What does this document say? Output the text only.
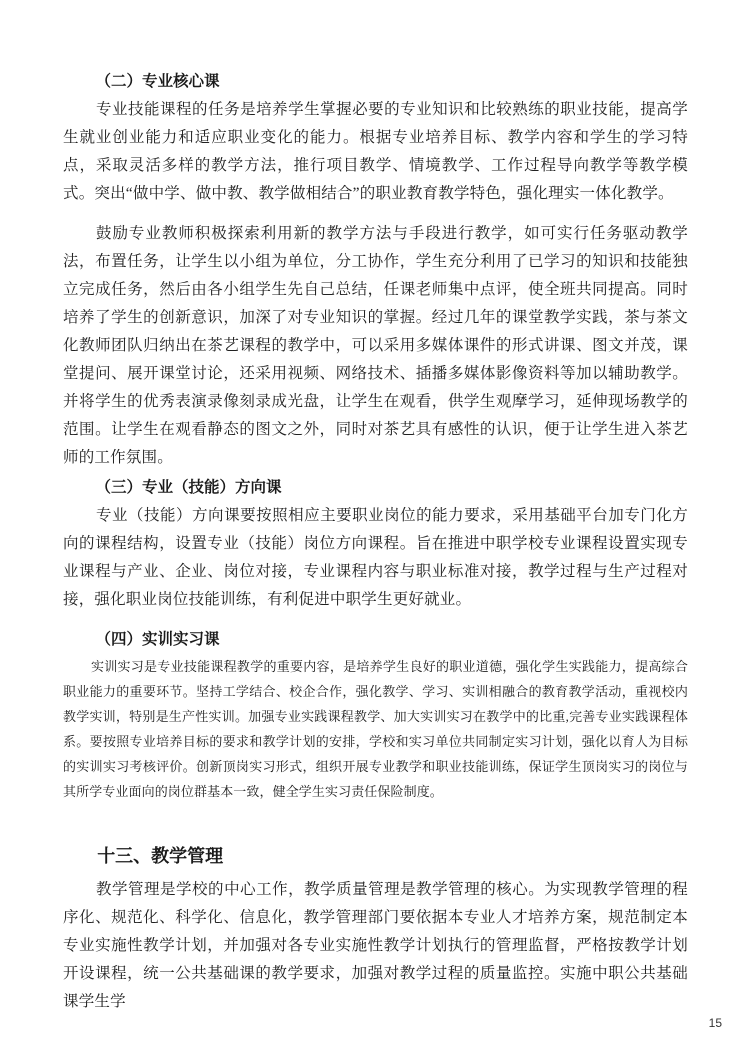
（二）专业核心课

专业技能课程的任务是培养学生掌握必要的专业知识和比较熟练的职业技能，提高学生就业创业能力和适应职业变化的能力。根据专业培养目标、教学内容和学生的学习特点，采取灵活多样的教学方法，推行项目教学、情境教学、工作过程导向教学等教学模式。突出“做中学、做中教、教学做相结合”的职业教育教学特色，强化理实一体化教学。

鼓励专业教师积极探索利用新的教学方法与手段进行教学，如可实行任务驱动教学法，布置任务，让学生以小组为单位，分工协作，学生充分利用了已学习的知识和技能独立完成任务，然后由各小组学生先自己总结，任课老师集中点评，使全班共同提高。同时培养了学生的创新意识，加深了对专业知识的掌握。经过几年的课堂教学实践，茶与茶文化教师团队归纳出在茶艺课程的教学中，可以采用多媒体课件的形式讲课、图文并茂，课堂提问、展开课堂讨论，还采用视频、网络技术、插播多媒体影像资料等加以辅助教学。并将学生的优秀表演录像刻录成光盘，让学生在观看，供学生观摩学习，延伸现场教学的范围。让学生在观看静态的图文之外，同时对茶艺具有感性的认识，便于让学生进入茶艺师的工作氛围。

（三）专业（技能）方向课

专业（技能）方向课要按照相应主要职业岗位的能力要求，采用基础平台加专门化方向的课程结构，设置专业（技能）岗位方向课程。旨在推进中职学校专业课程设置实现专业课程与产业、企业、岗位对接，专业课程内容与职业标准对接，教学过程与生产过程对接，强化职业岗位技能训练，有利促进中职学生更好就业。

（四）实训实习课

实训实习是专业技能课程教学的重要内容，是培养学生良好的职业道德，强化学生实践能力，提高综合职业能力的重要环节。坚持工学结合、校企合作，强化教学、学习、实训相融合的教育教学活动，重视校内教学实训，特别是生产性实训。加强专业实践课程教学、加大实训实习在教学中的比重,完善专业实践课程体系。要按照专业培养目标的要求和教学计划的安排，学校和实习单位共同制定实习计划，强化以育人为目标的实训实习考核评价。创新顶岗实习形式，组织开展专业教学和职业技能训练，保证学生顶岗实习的岗位与其所学专业面向的岗位群基本一致，健全学生实习责任保险制度。

十三、教学管理

教学管理是学校的中心工作，教学质量管理是教学管理的核心。为实现教学管理的程序化、规范化、科学化、信息化，教学管理部门要依据本专业人才培养方案，规范制定本专业实施性教学计划，并加强对各专业实施性教学计划执行的管理监督，严格按教学计划开设课程，统一公共基础课的教学要求，加强对教学过程的质量监控。实施中职公共基础课学生学

15
